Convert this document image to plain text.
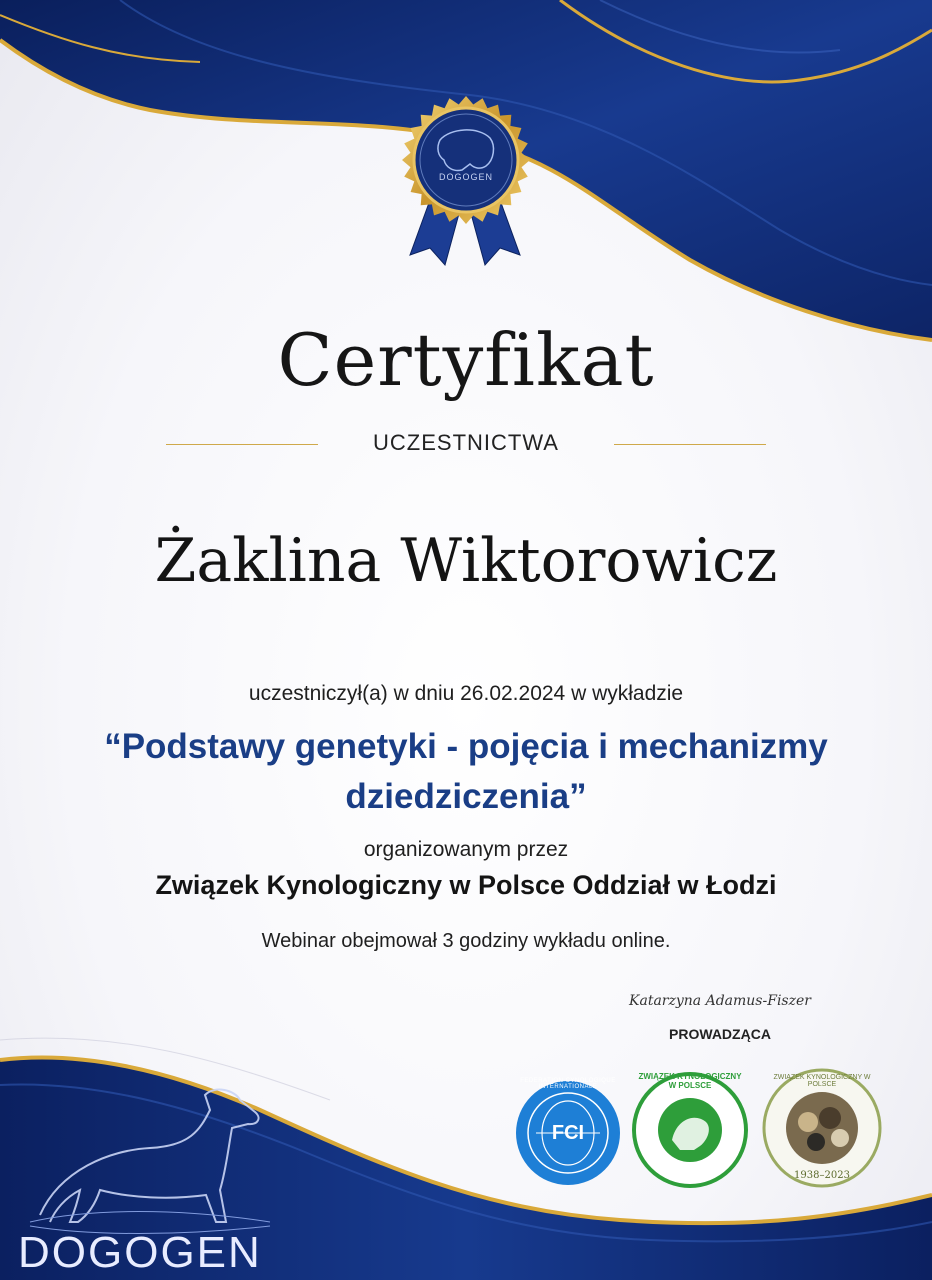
DOGOGEN
Certyfikat
UCZESTNICTWA
Żaklina Wiktorowicz
uczestniczył(a) w dniu 26.02.2024 w wykładzie
“Podstawy genetyki - pojęcia i mechanizmy
dziedziczenia”
organizowanym przez
Związek Kynologiczny w Polsce Oddział w Łodzi
Webinar obejmował 3 godziny wykładu online.
Katarzyna Adamus-Fiszer
PROWADZĄCA
FCI
FEDERATION CYNOLOGIQUE INTERNATIONALE
ZWIĄZEK KYNOLOGICZNY W POLSCE
ZWIĄZEK KYNOLOGICZNY W POLSCE
1938–2023
DOGOGEN
